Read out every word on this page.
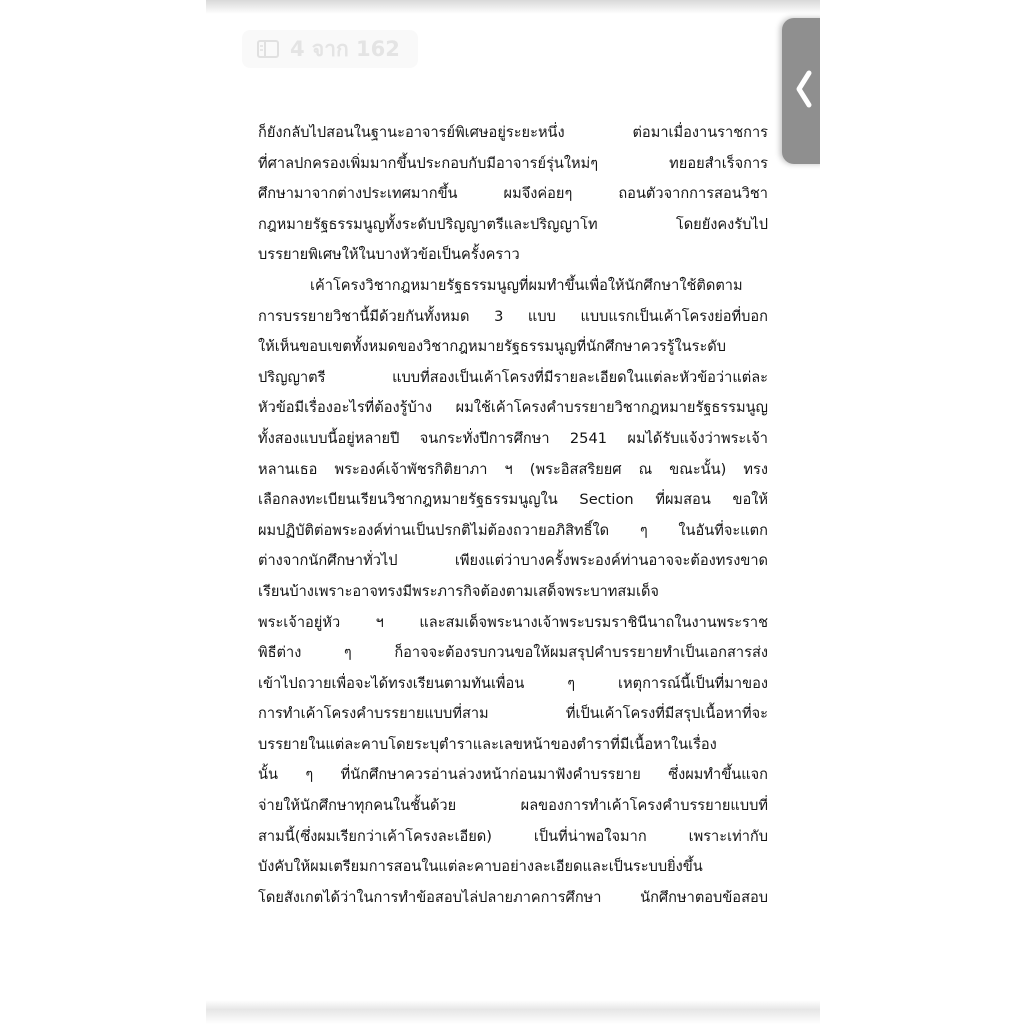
4 จาก 162
ก็ยังกลับไปสอนในฐานะอาจารย์พิเศษอยู่ระยะหนึ่ง ต่อมาเมื่องานราชการ
ที่ศาลปกครองเพิ่มมากขึ้นประกอบกับมีอาจารย์รุ่นใหม่ๆ ทยอยสำเร็จการ
ศึกษามาจากต่างประเทศมากขึ้น ผมจึงค่อยๆ ถอนตัวจากการสอนวิชา
กฎหมายรัฐธรรมนูญทั้งระดับปริญญาตรีและปริญญาโท โดยยังคงรับไป
บรรยายพิเศษให้ในบางหัวข้อเป็นครั้งคราว
เค้าโครงวิชากฎหมายรัฐธรรมนูญที่ผมทำขึ้นเพื่อให้นักศึกษาใช้ติดตาม
การบรรยายวิชานี้มีด้วยกันทั้งหมด 3 แบบ แบบแรกเป็นเค้าโครงย่อที่บอก
ให้เห็นขอบเขตทั้งหมดของวิชากฎหมายรัฐธรรมนูญที่นักศึกษาควรรู้ในระดับ
ปริญญาตรี แบบที่สองเป็นเค้าโครงที่มีรายละเอียดในแต่ละหัวข้อว่าแต่ละ
หัวข้อมีเรื่องอะไรที่ต้องรู้บ้าง ผมใช้เค้าโครงคำบรรยายวิชากฎหมายรัฐธรรมนูญ
ทั้งสองแบบนี้อยู่หลายปี จนกระทั่งปีการศึกษา 2541 ผมได้รับแจ้งว่าพระเจ้า
หลานเธอ พระองค์เจ้าพัชรกิติยาภา ฯ (พระอิสสริยยศ ณ ขณะนั้น) ทรง
เลือกลงทะเบียนเรียนวิชากฎหมายรัฐธรรมนูญใน Section ที่ผมสอน ขอให้
ผมปฏิบัติต่อพระองค์ท่านเป็นปรกติไม่ต้องถวายอภิสิทธิ์ใด ๆ ในอันที่จะแตก
ต่างจากนักศึกษาทั่วไป เพียงแต่ว่าบางครั้งพระองค์ท่านอาจจะต้องทรงขาด
เรียนบ้างเพราะอาจทรงมีพระภารกิจต้องตามเสด็จพระบาทสมเด็จ
พระเจ้าอยู่หัว ฯ และสมเด็จพระนางเจ้าพระบรมราชินีนาถในงานพระราช
พิธีต่าง ๆ ก็อาจจะต้องรบกวนขอให้ผมสรุปคำบรรยายทำเป็นเอกสารส่ง
เข้าไปถวายเพื่อจะได้ทรงเรียนตามทันเพื่อน ๆ เหตุการณ์นี้เป็นที่มาของ
การทำเค้าโครงคำบรรยายแบบที่สาม ที่เป็นเค้าโครงที่มีสรุปเนื้อหาที่จะ
บรรยายในแต่ละคาบโดยระบุตำราและเลขหน้าของตำราที่มีเนื้อหาในเรื่อง
นั้น ๆ ที่นักศึกษาควรอ่านล่วงหน้าก่อนมาฟังคำบรรยาย ซึ่งผมทำขึ้นแจก
จ่ายให้นักศึกษาทุกคนในชั้นด้วย ผลของการทำเค้าโครงคำบรรยายแบบที่
สามนี้(ซึ่งผมเรียกว่าเค้าโครงละเอียด) เป็นที่น่าพอใจมาก เพราะเท่ากับ
บังคับให้ผมเตรียมการสอนในแต่ละคาบอย่างละเอียดและเป็นระบบยิ่งขึ้น
โดยสังเกตได้ว่าในการทำข้อสอบไล่ปลายภาคการศึกษา นักศึกษาตอบข้อสอบ
